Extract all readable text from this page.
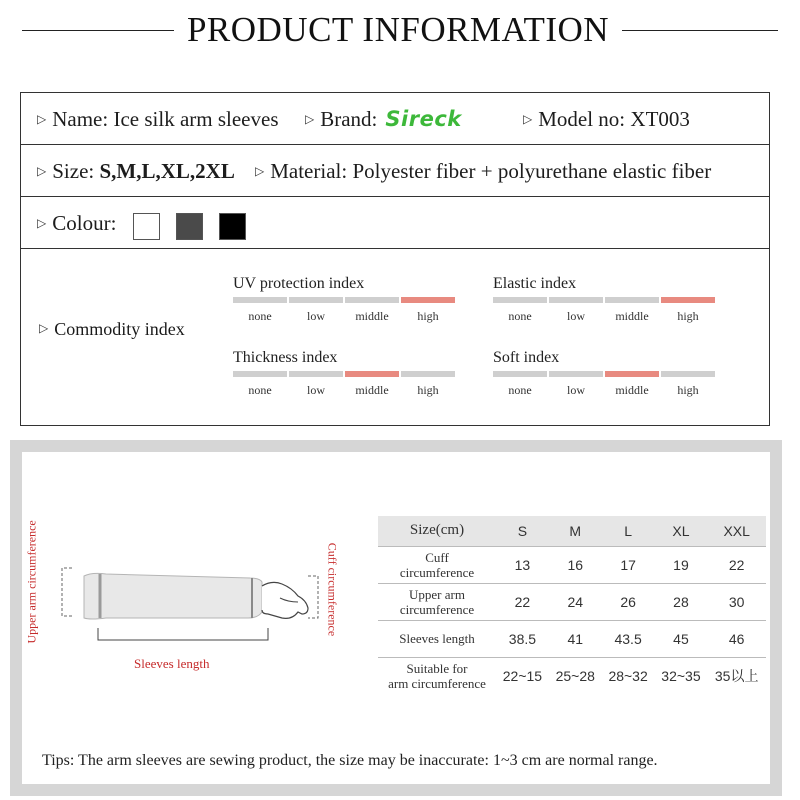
PRODUCT INFORMATION
▷ Name: Ice silk arm sleeves ▷ Brand: Sireck	▷ Model no: XT003
▷ Size: S,M,L,XL,2XL ▷ Material: Polyester fiber + polyurethane elastic fiber
▷ Colour:
▷ Commodity index
UV protection index
none	low	middle	high
Elastic index
none	low	middle	high
Thickness index
none	low	middle	high
Soft index
none	low	middle	high
Upper arm circumference	Cuff circumference
Sleeves length
Size(cm)	S	M	L	XL	XXL
Cuff
circumference	13	16	17	19	22
Upper arm
circumference	22	24	26	28	30
Sleeves length	38.5	41	43.5	45	46
Suitable for
arm circumference	22~15	25~28	28~32	32~35	35以上
Tips: The arm sleeves are sewing product, the size may be inaccurate: 1~3 cm are normal range.
